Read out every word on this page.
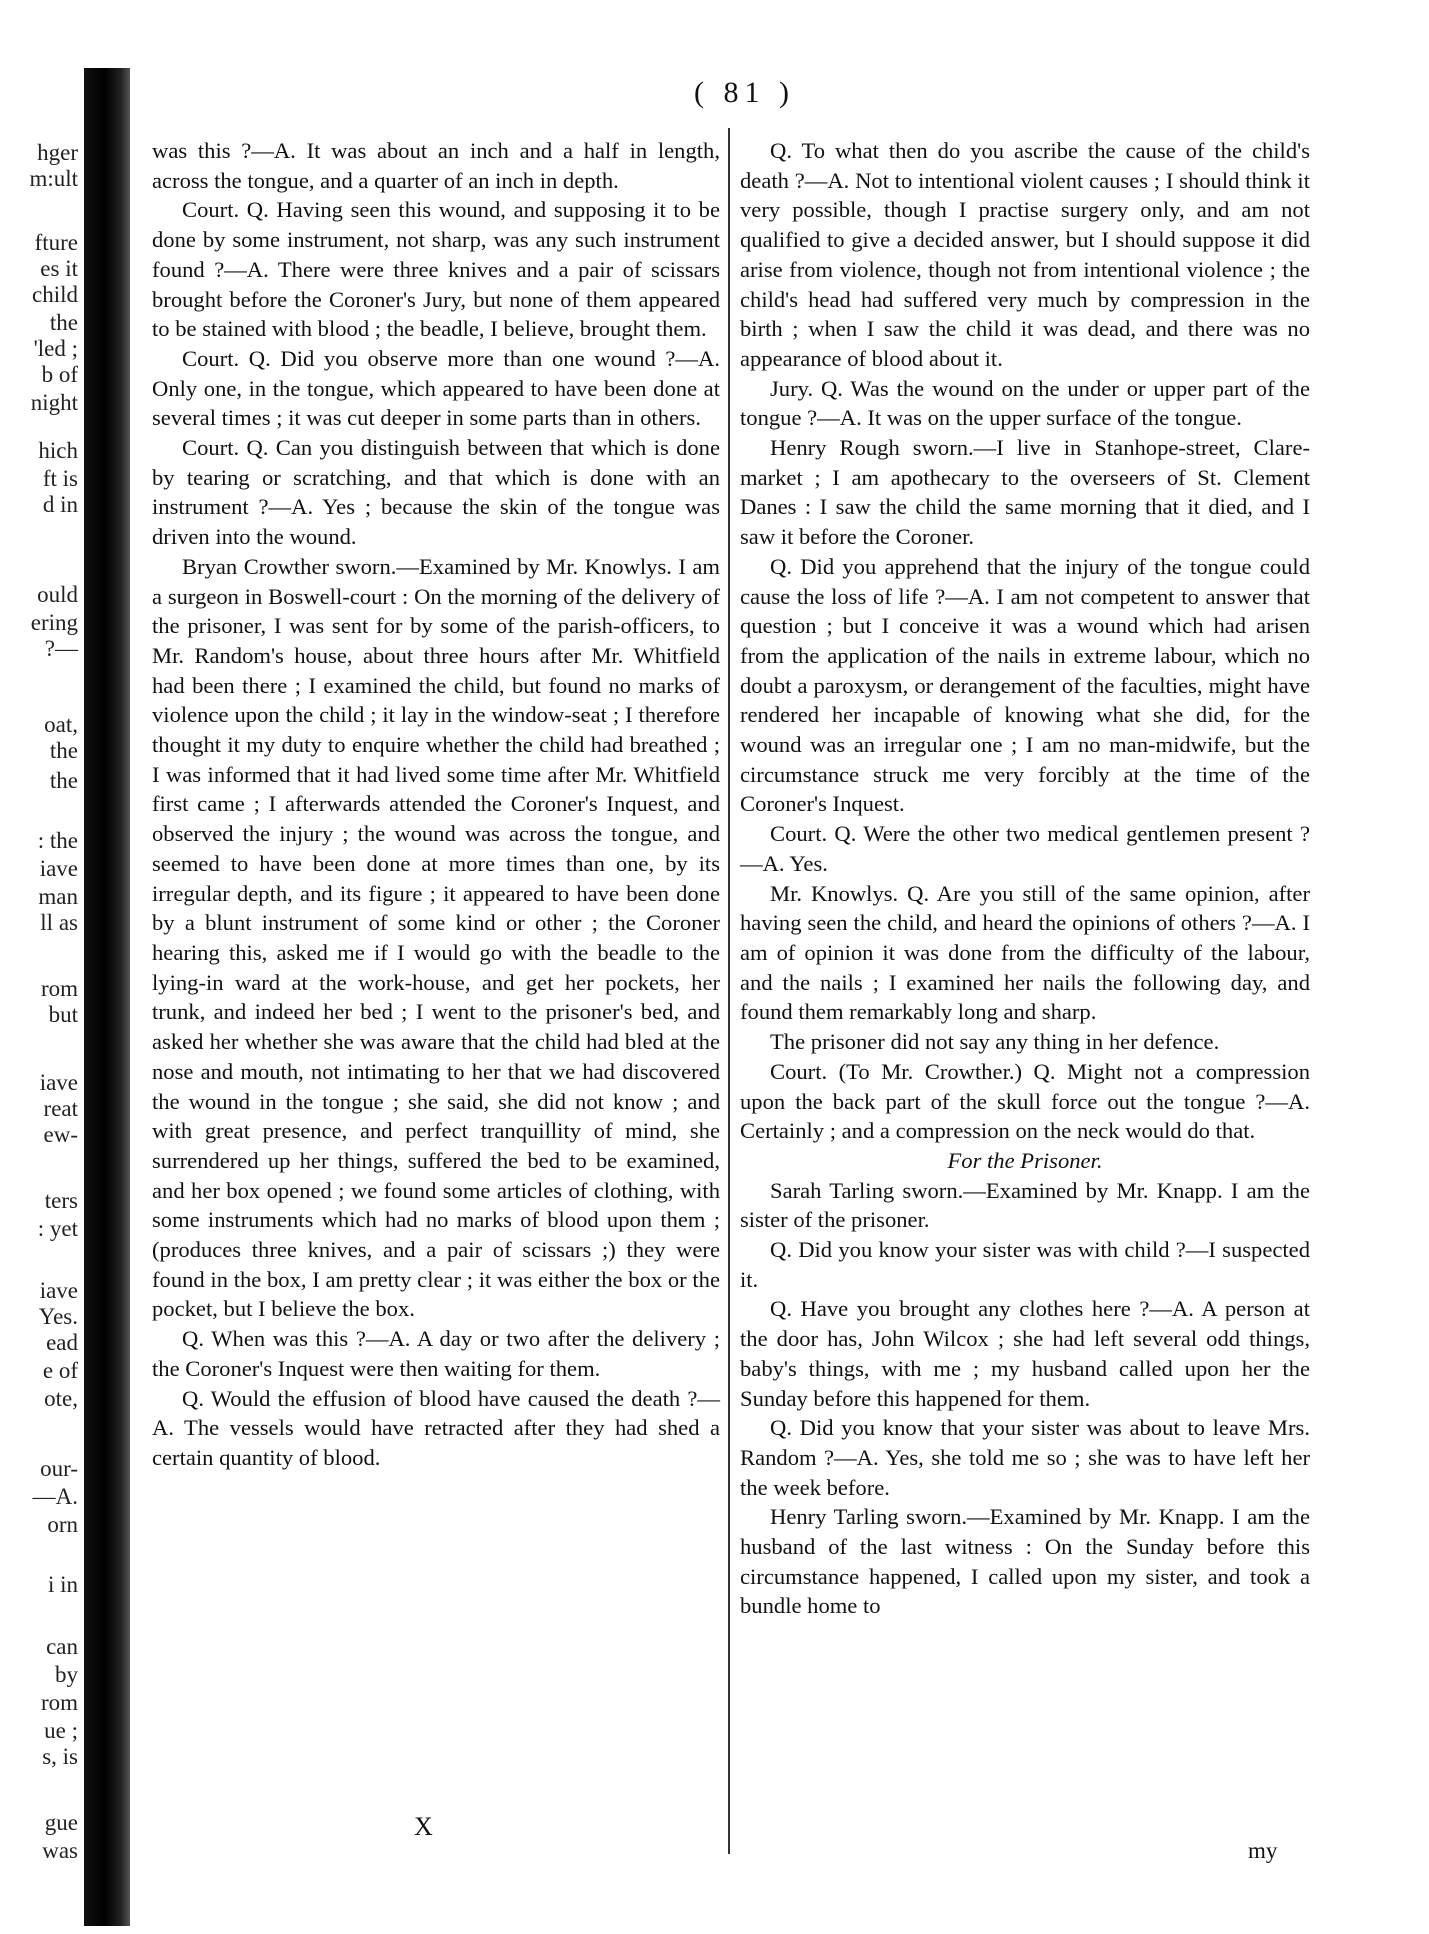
hger
m:ult
fture
es it
child
the
'led ;
b of
night
hich
ft is
d in
ould
ering
?—
oat,
the
the
: the
iave
man
ll as
rom
but
iave
reat
ew-
ters
: yet
iave
Yes.
ead
e of
ote,
our-
—A.
orn
i in
can
by
rom
ue ;
s, is
gue
was
( 81 )

was this ?—A. It was about an inch and a half in length, across the tongue, and a quarter of an inch in depth.

Court. Q. Having seen this wound, and supposing it to be done by some instrument, not sharp, was any such instrument found ?—A. There were three knives and a pair of scissars brought before the Coroner's Jury, but none of them appeared to be stained with blood ; the beadle, I believe, brought them.

Court. Q. Did you observe more than one wound ?—A. Only one, in the tongue, which appeared to have been done at several times ; it was cut deeper in some parts than in others.

Court. Q. Can you distinguish between that which is done by tearing or scratching, and that which is done with an instrument ?—A. Yes ; because the skin of the tongue was driven into the wound.

Bryan Crowther sworn.—Examined by Mr. Knowlys. I am a surgeon in Boswell-court : On the morning of the delivery of the prisoner, I was sent for by some of the parish-officers, to Mr. Random's house, about three hours after Mr. Whitfield had been there ; I examined the child, but found no marks of violence upon the child ; it lay in the window-seat ; I therefore thought it my duty to enquire whether the child had breathed ; I was informed that it had lived some time after Mr. Whitfield first came ; I afterwards attended the Coroner's Inquest, and observed the injury ; the wound was across the tongue, and seemed to have been done at more times than one, by its irregular depth, and its figure ; it appeared to have been done by a blunt instrument of some kind or other ; the Coroner hearing this, asked me if I would go with the beadle to the lying-in ward at the work-house, and get her pockets, her trunk, and indeed her bed ; I went to the prisoner's bed, and asked her whether she was aware that the child had bled at the nose and mouth, not intimating to her that we had discovered the wound in the tongue ; she said, she did not know ; and with great presence, and perfect tranquillity of mind, she surrendered up her things, suffered the bed to be examined, and her box opened ; we found some articles of clothing, with some instruments which had no marks of blood upon them ; (produces three knives, and a pair of scissars ;) they were found in the box, I am pretty clear ; it was either the box or the pocket, but I believe the box.

Q. When was this ?—A. A day or two after the delivery ; the Coroner's Inquest were then waiting for them.

Q. Would the effusion of blood have caused the death ?—A. The vessels would have retracted after they had shed a certain quantity of blood.

Q. To what then do you ascribe the cause of the child's death ?—A. Not to intentional violent causes ; I should think it very possible, though I practise surgery only, and am not qualified to give a decided answer, but I should suppose it did arise from violence, though not from intentional violence ; the child's head had suffered very much by compression in the birth ; when I saw the child it was dead, and there was no appearance of blood about it.

Jury. Q. Was the wound on the under or upper part of the tongue ?—A. It was on the upper surface of the tongue.

Henry Rough sworn.—I live in Stanhope-street, Clare-market ; I am apothecary to the overseers of St. Clement Danes : I saw the child the same morning that it died, and I saw it before the Coroner.

Q. Did you apprehend that the injury of the tongue could cause the loss of life ?—A. I am not competent to answer that question ; but I conceive it was a wound which had arisen from the application of the nails in extreme labour, which no doubt a paroxysm, or derangement of the faculties, might have rendered her incapable of knowing what she did, for the wound was an irregular one ; I am no man-midwife, but the circumstance struck me very forcibly at the time of the Coroner's Inquest.

Court. Q. Were the other two medical gentlemen present ?—A. Yes.

Mr. Knowlys. Q. Are you still of the same opinion, after having seen the child, and heard the opinions of others ?—A. I am of opinion it was done from the difficulty of the labour, and the nails ; I examined her nails the following day, and found them remarkably long and sharp.

The prisoner did not say any thing in her defence.

Court. (To Mr. Crowther.) Q. Might not a compression upon the back part of the skull force out the tongue ?—A. Certainly ; and a compression on the neck would do that.

For the Prisoner.

Sarah Tarling sworn.—Examined by Mr. Knapp. I am the sister of the prisoner.

Q. Did you know your sister was with child ?—I suspected it.

Q. Have you brought any clothes here ?—A. A person at the door has, John Wilcox ; she had left several odd things, baby's things, with me ; my husband called upon her the Sunday before this happened for them.

Q. Did you know that your sister was about to leave Mrs. Random ?—A. Yes, she told me so ; she was to have left her the week before.

Henry Tarling sworn.—Examined by Mr. Knapp. I am the husband of the last witness : On the Sunday before this circumstance happened, I called upon my sister, and took a bundle home to

X
my
